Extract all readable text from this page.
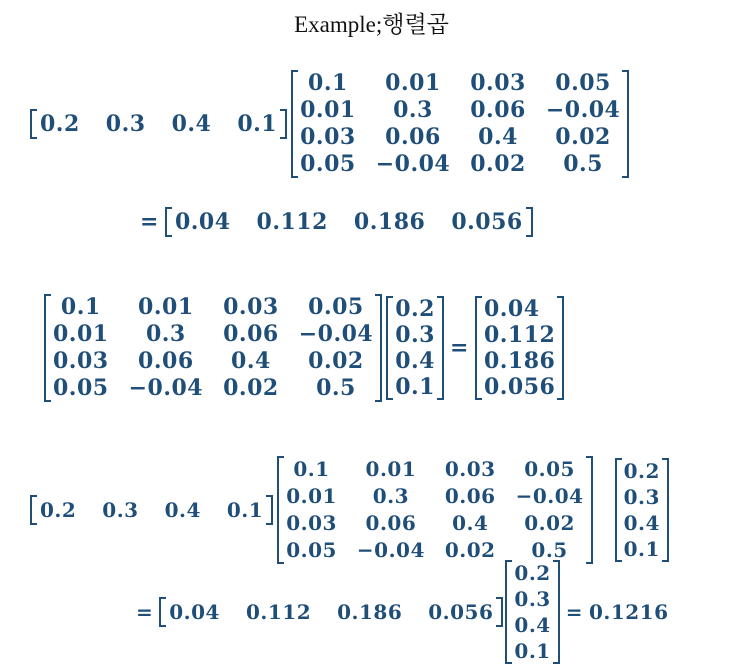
Example;행렬곱
0.2 0.3 0.4 0.1
0.1	0.01	0.03	0.05
0.01	0.3	0.06 −0.04
0.03	0.06	0.4	0.02
0.05 −0.04 0.02	0.5
= 0.04 0.112 0.186 0.056
0.1	0.01	0.03	0.05
0.01	0.3	0.06 −0.04
0.03	0.06	0.4	0.02
0.05 −0.04 0.02	0.5
0.2
0.3
0.4
0.1
=
0.04
0.112
0.186
0.056
0.2 0.3 0.4 0.1
0.1	0.01	0.03	0.05
0.01	0.3	0.06 −0.04
0.03	0.06	0.4	0.02
0.05 −0.04 0.02	0.5
0.2
0.3
0.4
0.1
= 0.04 0.112 0.186 0.056
0.2
0.3
0.4
0.1
= 0.1216
